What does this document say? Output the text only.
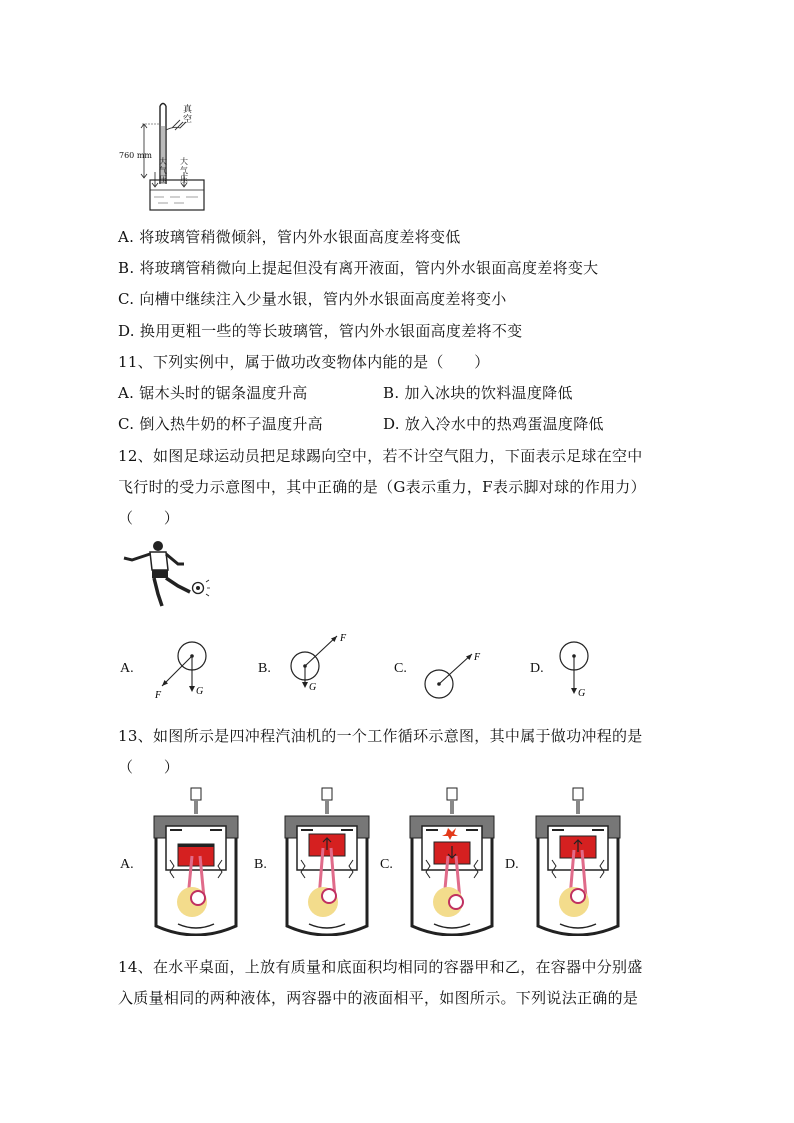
真
空
760 mm
大
气
压
大
气
压
A. 将玻璃管稍微倾斜，管内外水银面高度差将变低
B. 将玻璃管稍微向上提起但没有离开液面，管内外水银面高度差将变大
C. 向槽中继续注入少量水银，管内外水银面高度差将变小
D. 换用更粗一些的等长玻璃管，管内外水银面高度差将不变
11、下列实例中，属于做功改变物体内能的是（　　）
A. 锯木头时的锯条温度升高	B. 加入冰块的饮料温度降低
C. 倒入热牛奶的杯子温度升高	D. 放入冷水中的热鸡蛋温度降低
12、如图足球运动员把足球踢向空中，若不计空气阻力，下面表示足球在空中
飞行时的受力示意图中，其中正确的是（G表示重力，F表示脚对球的作用力）
（　　）
A.
F	G
B.
F
G
C.
F
D.
G
13、如图所示是四冲程汽油机的一个工作循环示意图，其中属于做功冲程的是
（　　）
A.	B.	C.	D.
14、在水平桌面，上放有质量和底面积均相同的容器甲和乙，在容器中分别盛
入质量相同的两种液体，两容器中的液面相平，如图所示。下列说法正确的是
